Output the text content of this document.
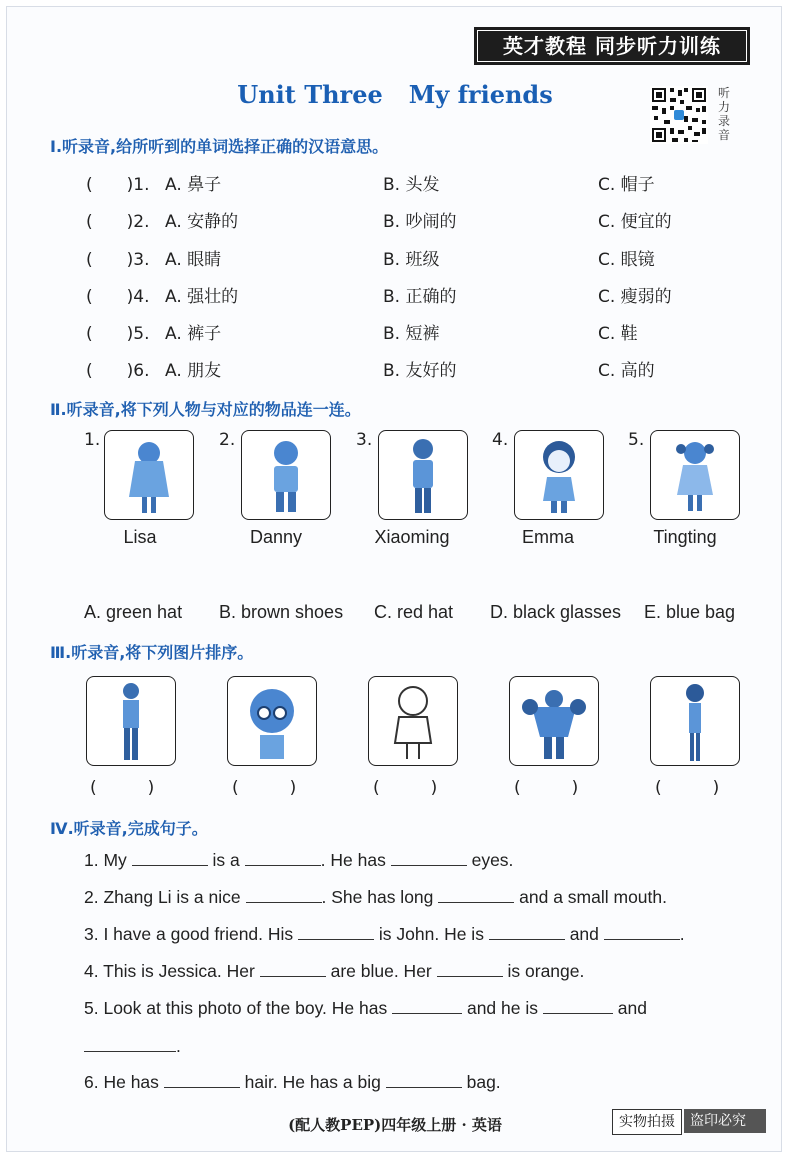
英才教程 同步听力训练
Unit Three My friends	听力录音
Ⅰ.听录音,给所听到的单词选择正确的汉语意思。
(　　)1. A. 鼻子	B. 头发	C. 帽子
(　　)2. A. 安静的	B. 吵闹的	C. 便宜的
(　　)3. A. 眼睛	B. 班级	C. 眼镜
(　　)4. A. 强壮的	B. 正确的	C. 瘦弱的
(　　)5. A. 裤子	B. 短裤	C. 鞋
(　　)6. A. 朋友	B. 友好的	C. 高的
Ⅱ.听录音,将下列人物与对应的物品连一连。
1.
Lisa
2.
Danny
3.
Xiaoming
4.
Emma
5.
Tingting
A. green hat B. brown shoes C. red hat D. black glasses E. blue bag
Ⅲ.听录音,将下列图片排序。
(　　　)	(　　　)	(　　　)	(　　　)	(　　　)
Ⅳ.听录音,完成句子。
1. My	is a	. He has	eyes.
2. Zhang Li is a nice	. She has long	and a small mouth.
3. I have a good friend. His	is John. He is	and	.
4. This is Jessica. Her	are blue. Her	is orange.
5. Look at this photo of the boy. He has	and he is	and
.
6. He has	hair. He has a big	bag.
(配人教PEP)四年级上册 · 英语	实物拍摄	盗印必究
